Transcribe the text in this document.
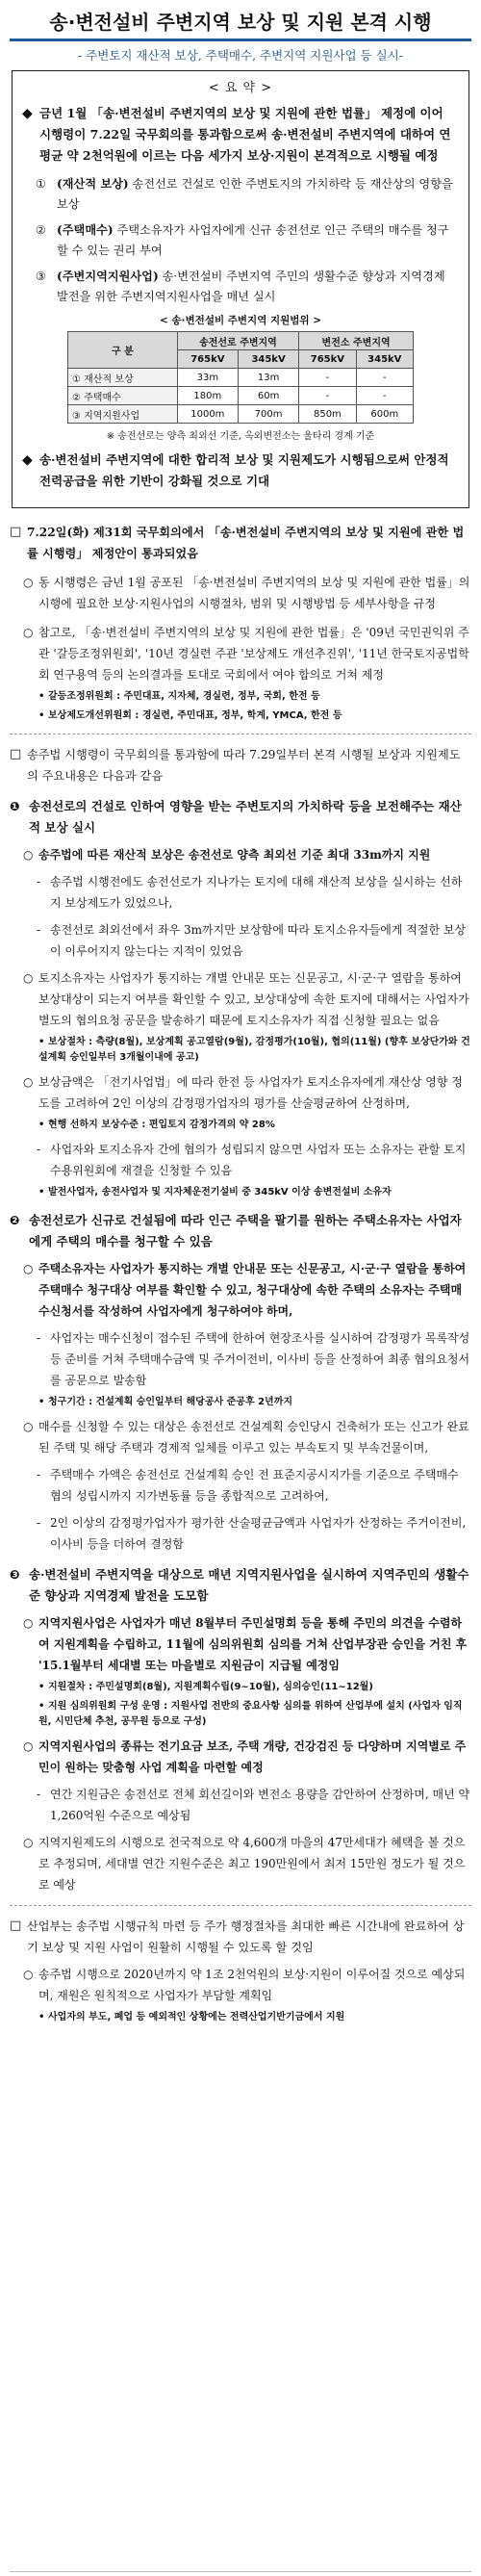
송·변전설비 주변지역 보상 및 지원 본격 시행
- 주변토지 재산적 보상, 주택매수, 주변지역 지원사업 등 실시-
< 요 약 >
◆ 금년 1월 「송·변전설비 주변지역의 보상 및 지원에 관한 법률」 제정에 이어 시행령이 7.22일 국무회의를 통과함으로써 송·변전설비 주변지역에 대하여 연평균 약 2천억원에 이르는 다음 세가지 보상·지원이 본격적으로 시행될 예정
① (재산적 보상) 송전선로 건설로 인한 주변토지의 가치하락 등 재산상의 영향을 보상
② (주택매수) 주택소유자가 사업자에게 신규 송전선로 인근 주택의 매수를 청구할 수 있는 권리 부여
③ (주변지역지원사업) 송·변전설비 주변지역 주민의 생활수준 향상과 지역경제 발전을 위한 주변지역지원사업을 매년 실시
< 송·변전설비 주변지역 지원범위 >
구 분	송전선로 주변지역		변전소 주변지역	
	765kV	345kV	765kV	345kV
① 재산적 보상	33m	13m	-	-
② 주택매수	180m	60m	-	-
③ 지역지원사업	1000m	700m	850m	600m
※ 송전선로는 양측 최외선 기준, 옥외변전소는 울타리 경계 기준
◆ 송·변전설비 주변지역에 대한 합리적 보상 및 지원제도가 시행됨으로써 안정적 전력공급을 위한 기반이 강화될 것으로 기대
□ 7.22일(화) 제31회 국무회의에서 「송·변전설비 주변지역의 보상 및 지원에 관한 법률 시행령」 제정안이 통과되었음
○ 동 시행령은 금년 1월 공포된 「송·변전설비 주변지역의 보상 및 지원에 관한 법률」의 시행에 필요한 보상·지원사업의 시행절차, 범위 및 시행방법 등 세부사항을 규정
○ 참고로, 「송·변전설비 주변지역의 보상 및 지원에 관한 법률」은 '09년 국민권익위 주관 '갈등조정위원회', '10년 경실련 주관 '보상제도 개선추진위', '11년 한국토지공법학회 연구용역 등의 논의결과를 토대로 국회에서 여야 합의로 거쳐 제정
• 갈등조정위원회 : 주민대표, 지자체, 경실련, 정부, 국회, 한전 등
• 보상제도개선위원회 : 경실련, 주민대표, 정부, 학계, YMCA, 한전 등
□ 송주법 시행령이 국무회의를 통과함에 따라 7.29일부터 본격 시행될 보상과 지원제도의 주요내용은 다음과 같음
❶ 송전선로의 건설로 인하여 영향을 받는 주변토지의 가치하락 등을 보전해주는 재산적 보상 실시
○ 송주법에 따른 재산적 보상은 송전선로 양측 최외선 기준 최대 33m까지 지원
- 송주법 시행전에도 송전선로가 지나가는 토지에 대해 재산적 보상을 실시하는 선하지 보상제도가 있었으나,
- 송전선로 최외선에서 좌우 3m까지만 보상함에 따라 토지소유자들에게 적절한 보상이 이루어지지 않는다는 지적이 있었음
○ 토지소유자는 사업자가 통지하는 개별 안내문 또는 신문공고, 시·군·구 열람을 통하여 보상대상이 되는지 여부를 확인할 수 있고, 보상대상에 속한 토지에 대해서는 사업자가 별도의 협의요청 공문을 발송하기 때문에 토지소유자가 직접 신청할 필요는 없음
• 보상절차 : 측량(8월), 보상계획 공고열람(9월), 감정평가(10월), 협의(11월) (향후 보상단가와 건설계획 승인일부터 3개월이내에 공고)
○ 보상금액은 「전기사업법」에 따라 한전 등 사업자가 토지소유자에게 재산상 영향 정도를 고려하여 2인 이상의 감정평가업자의 평가를 산술평균하여 산정하며,
• 현행 선하지 보상수준 : 편입토지 감정가격의 약 28%
- 사업자와 토지소유자 간에 협의가 성립되지 않으면 사업자 또는 소유자는 관할 토지수용위원회에 재결을 신청할 수 있음
• 발전사업자, 송전사업자 및 지자체운전기설비 중 345kV 이상 송변전설비 소유자
❷ 송전선로가 신규로 건설됨에 따라 인근 주택을 팔기를 원하는 주택소유자는 사업자에게 주택의 매수를 청구할 수 있음
○ 주택소유자는 사업자가 통지하는 개별 안내문 또는 신문공고, 시·군·구 열람을 통하여 주택매수 청구대상 여부를 확인할 수 있고, 청구대상에 속한 주택의 소유자는 주택매수신청서를 작성하여 사업자에게 청구하여야 하며,
- 사업자는 매수신청이 접수된 주택에 한하여 현장조사를 실시하여 감정평가 목록작성 등 준비를 거쳐 주택매수금액 및 주거이전비, 이사비 등을 산정하여 최종 협의요청서를 공문으로 발송함
• 청구기간 : 건설계획 승인일부터 해당공사 준공후 2년까지
○ 매수를 신청할 수 있는 대상은 송전선로 건설계획 승인당시 건축허가 또는 신고가 완료된 주택 및 해당 주택과 경제적 일체를 이루고 있는 부속토지 및 부속건물이며,
- 주택매수 가액은 송전선로 건설계획 승인 전 표준지공시지가를 기준으로 주택매수 협의 성립시까지 지가변동률 등을 종합적으로 고려하여,
- 2인 이상의 감정평가업자가 평가한 산술평균금액과 사업자가 산정하는 주거이전비, 이사비 등을 더하여 결정함
❸ 송·변전설비 주변지역을 대상으로 매년 지역지원사업을 실시하여 지역주민의 생활수준 향상과 지역경제 발전을 도모함
○ 지역지원사업은 사업자가 매년 8월부터 주민설명회 등을 통해 주민의 의견을 수렴하여 지원계획을 수립하고, 11월에 심의위원회 심의를 거쳐 산업부장관 승인을 거친 후 '15.1월부터 세대별 또는 마을별로 지원금이 지급될 예정임
• 지원절차 : 주민설명회(8월), 지원계획수립(9~10월), 심의승인(11~12월)
• 지원 심의위원회 구성 운영 : 지원사업 전반의 중요사항 심의를 위하여 산업부에 설치 (사업자 임직원, 시민단체 추천, 공무원 등으로 구성)
○ 지역지원사업의 종류는 전기요금 보조, 주택 개량, 건강검진 등 다양하며 지역별로 주민이 원하는 맞춤형 사업 계획을 마련할 예정
- 연간 지원금은 송전선로 전체 회선길이와 변전소 용량을 감안하여 산정하며, 매년 약 1,260억원 수준으로 예상됨
○ 지역지원제도의 시행으로 전국적으로 약 4,600개 마을의 47만세대가 혜택을 볼 것으로 추정되며, 세대별 연간 지원수준은 최고 190만원에서 최저 15만원 정도가 될 것으로 예상
□ 산업부는 송주법 시행규칙 마련 등 주가 행정절차를 최대한 빠른 시간내에 완료하여 상기 보상 및 지원 사업이 원활히 시행될 수 있도록 할 것임
○ 송주법 시행으로 2020년까지 약 1조 2천억원의 보상·지원이 이루어질 것으로 예상되며, 재원은 원칙적으로 사업자가 부담할 계획임
• 사업자의 부도, 폐업 등 예외적인 상황에는 전력산업기반기금에서 지원
